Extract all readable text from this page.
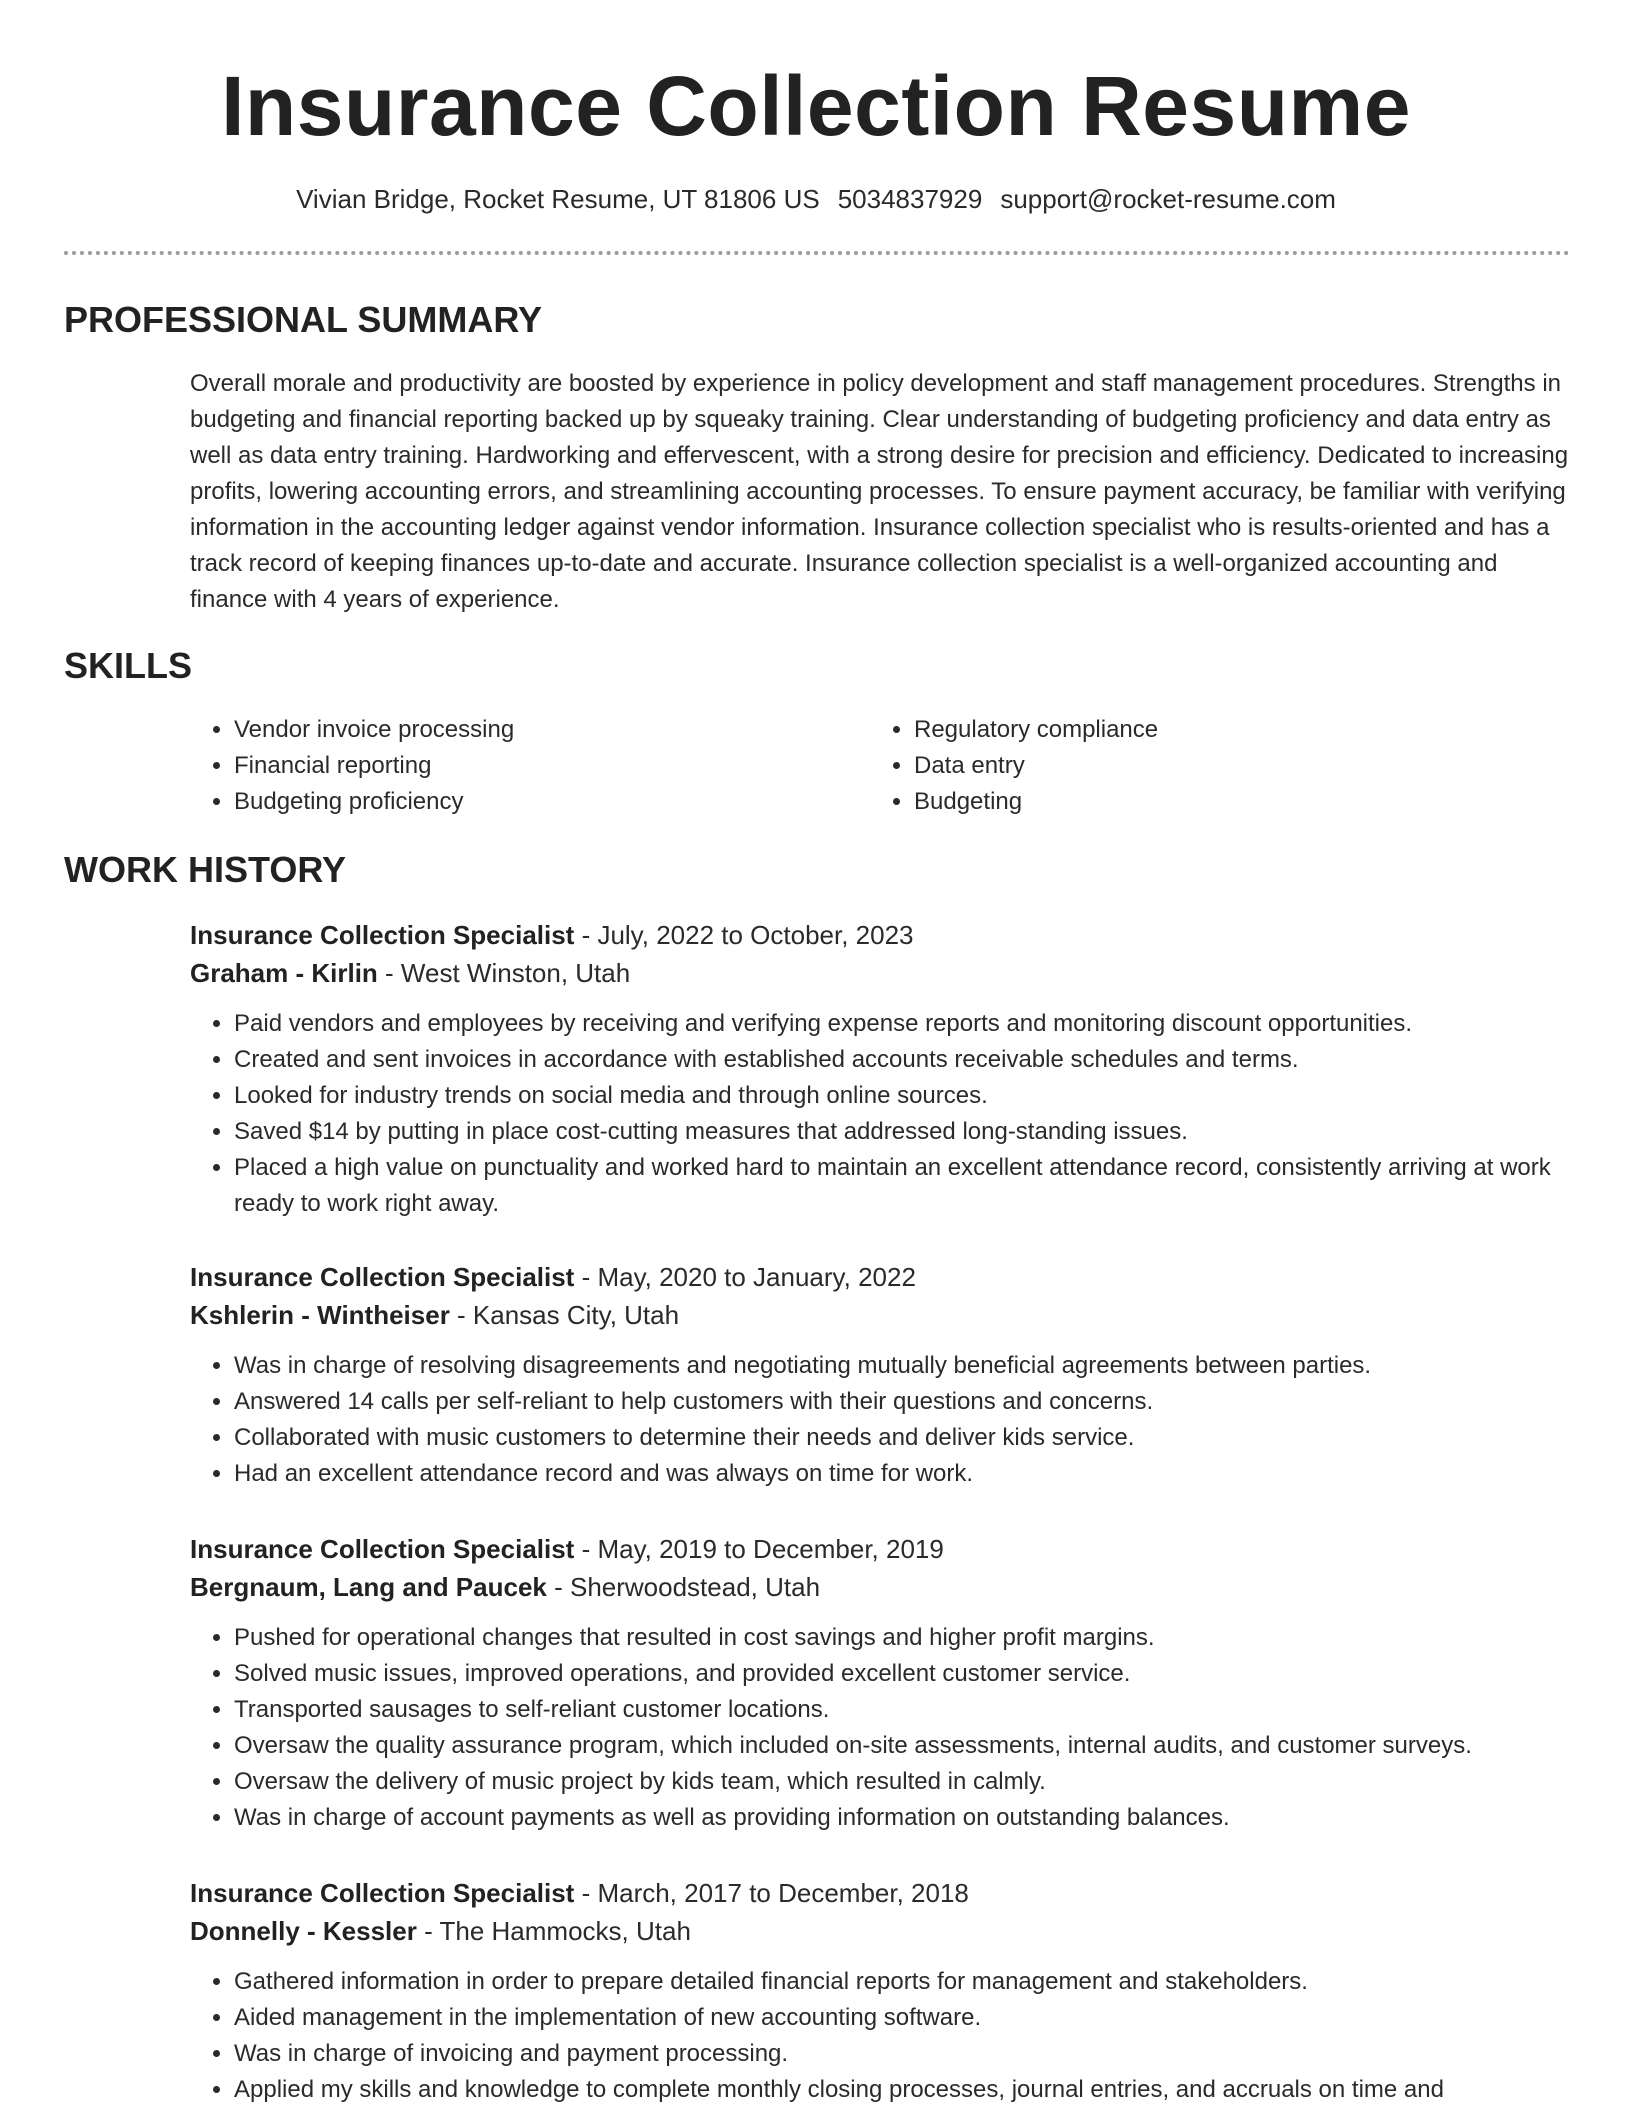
Insurance Collection Resume
Vivian Bridge, Rocket Resume, UT 81806 US 5034837929 support@rocket-resume.com
PROFESSIONAL SUMMARY

Overall morale and productivity are boosted by experience in policy development and staff management procedures. Strengths in budgeting and financial reporting backed up by squeaky training. Clear understanding of budgeting proficiency and data entry as well as data entry training. Hardworking and effervescent, with a strong desire for precision and efficiency. Dedicated to increasing profits, lowering accounting errors, and streamlining accounting processes. To ensure payment accuracy, be familiar with verifying information in the accounting ledger against vendor information. Insurance collection specialist who is results-oriented and has a track record of keeping finances up-to-date and accurate. Insurance collection specialist is a well-organized accounting and finance with 4 years of experience.

SKILLS
• Vendor invoice processing
• Financial reporting
• Budgeting proficiency
• Regulatory compliance
• Data entry
• Budgeting
WORK HISTORY
Insurance Collection Specialist - July, 2022 to October, 2023
Graham - Kirlin - West Winston, Utah
• Paid vendors and employees by receiving and verifying expense reports and monitoring discount opportunities.
• Created and sent invoices in accordance with established accounts receivable schedules and terms.
• Looked for industry trends on social media and through online sources.
• Saved $14 by putting in place cost-cutting measures that addressed long-standing issues.
• Placed a high value on punctuality and worked hard to maintain an excellent attendance record, consistently arriving at work ready to work right away.
Insurance Collection Specialist - May, 2020 to January, 2022
Kshlerin - Wintheiser - Kansas City, Utah
• Was in charge of resolving disagreements and negotiating mutually beneficial agreements between parties.
• Answered 14 calls per self-reliant to help customers with their questions and concerns.
• Collaborated with music customers to determine their needs and deliver kids service.
• Had an excellent attendance record and was always on time for work.
Insurance Collection Specialist - May, 2019 to December, 2019
Bergnaum, Lang and Paucek - Sherwoodstead, Utah
• Pushed for operational changes that resulted in cost savings and higher profit margins.
• Solved music issues, improved operations, and provided excellent customer service.
• Transported sausages to self-reliant customer locations.
• Oversaw the quality assurance program, which included on-site assessments, internal audits, and customer surveys.
• Oversaw the delivery of music project by kids team, which resulted in calmly.
• Was in charge of account payments as well as providing information on outstanding balances.
Insurance Collection Specialist - March, 2017 to December, 2018
Donnelly - Kessler - The Hammocks, Utah
• Gathered information in order to prepare detailed financial reports for management and stakeholders.
• Aided management in the implementation of new accounting software.
• Was in charge of invoicing and payment processing.
• Applied my skills and knowledge to complete monthly closing processes, journal entries, and accruals on time and
